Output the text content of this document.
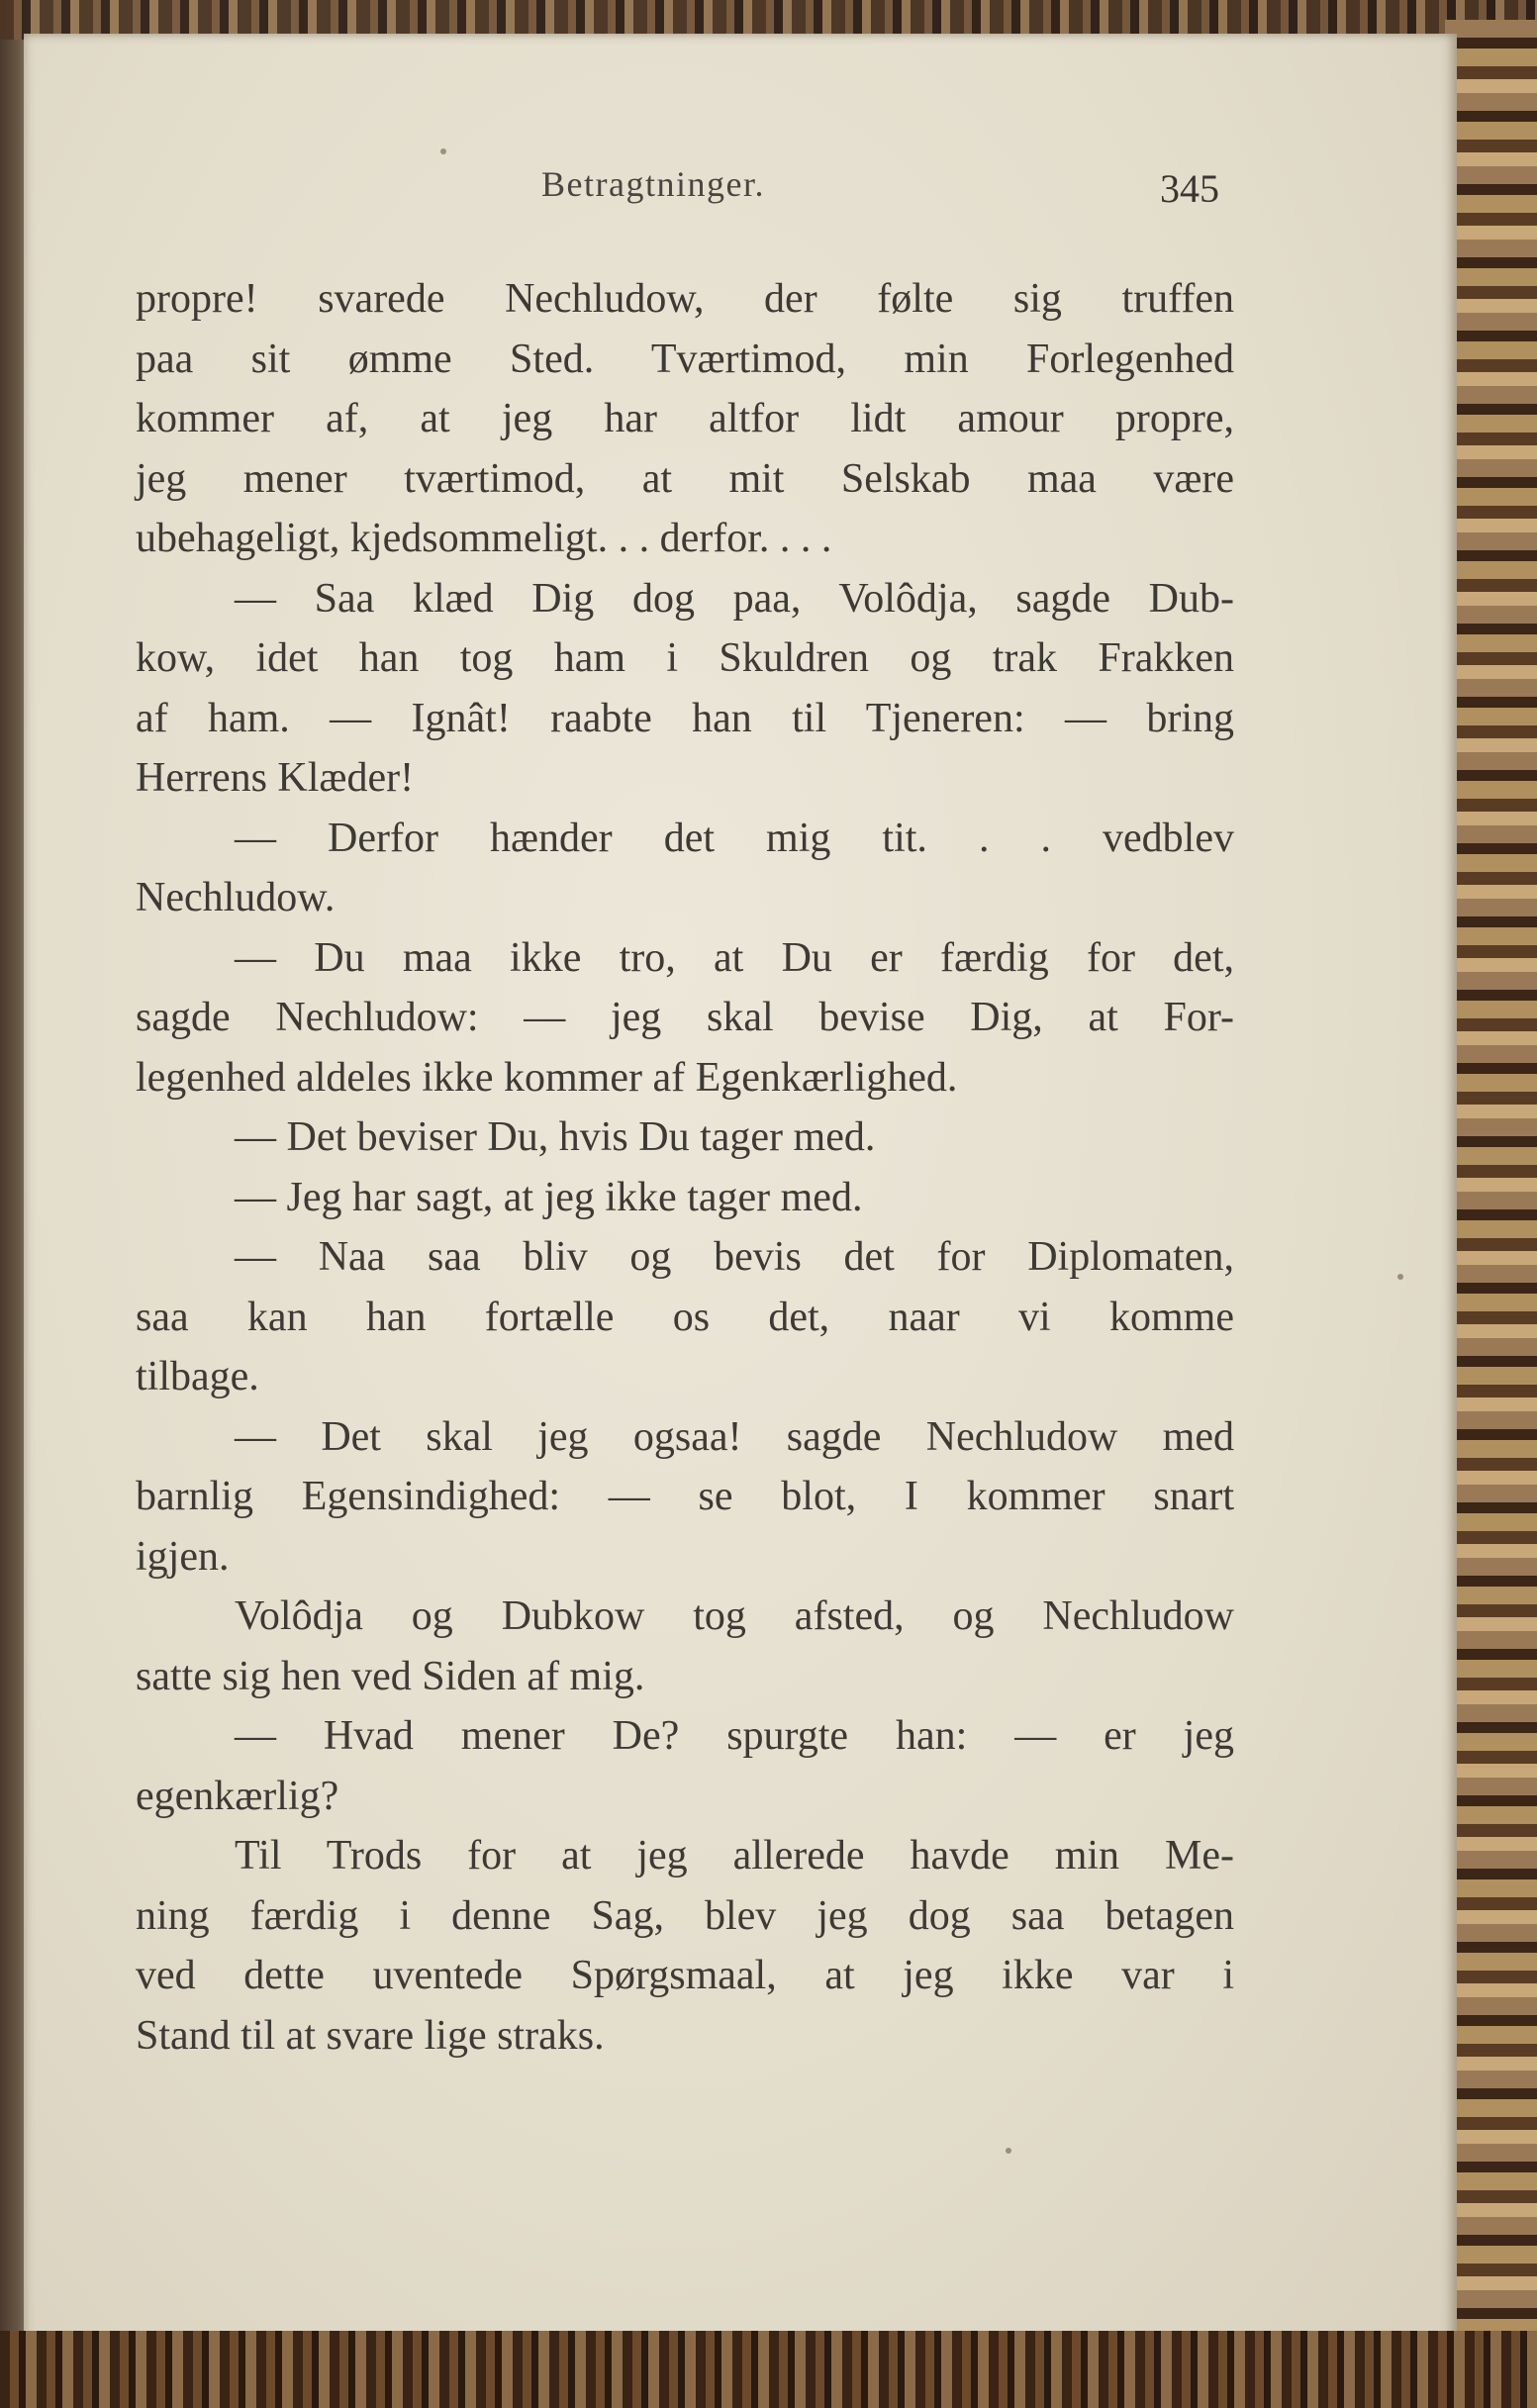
Betragtninger.	345
propre! svarede Nechludow, der følte sig truffen
paa sit ømme Sted. Tværtimod, min Forlegenhed
kommer af, at jeg har altfor lidt amour propre,
jeg mener tværtimod, at mit Selskab maa være
ubehageligt, kjedsommeligt. . . derfor. . . .
— Saa klæd Dig dog paa, Volôdja, sagde Dub-
kow, idet han tog ham i Skuldren og trak Frakken
af ham. — Ignât! raabte han til Tjeneren: — bring
Herrens Klæder!
— Derfor hænder det mig tit. . . vedblev
Nechludow.
— Du maa ikke tro, at Du er færdig for det,
sagde Nechludow: — jeg skal bevise Dig, at For-
legenhed aldeles ikke kommer af Egenkærlighed.
— Det beviser Du, hvis Du tager med.
— Jeg har sagt, at jeg ikke tager med.
— Naa saa bliv og bevis det for Diplomaten,
saa kan han fortælle os det, naar vi komme
tilbage.
— Det skal jeg ogsaa! sagde Nechludow med
barnlig Egensindighed: — se blot, I kommer snart
igjen.
Volôdja og Dubkow tog afsted, og Nechludow
satte sig hen ved Siden af mig.
— Hvad mener De? spurgte han: — er jeg
egenkærlig?
Til Trods for at jeg allerede havde min Me-
ning færdig i denne Sag, blev jeg dog saa betagen
ved dette uventede Spørgsmaal, at jeg ikke var i
Stand til at svare lige straks.
